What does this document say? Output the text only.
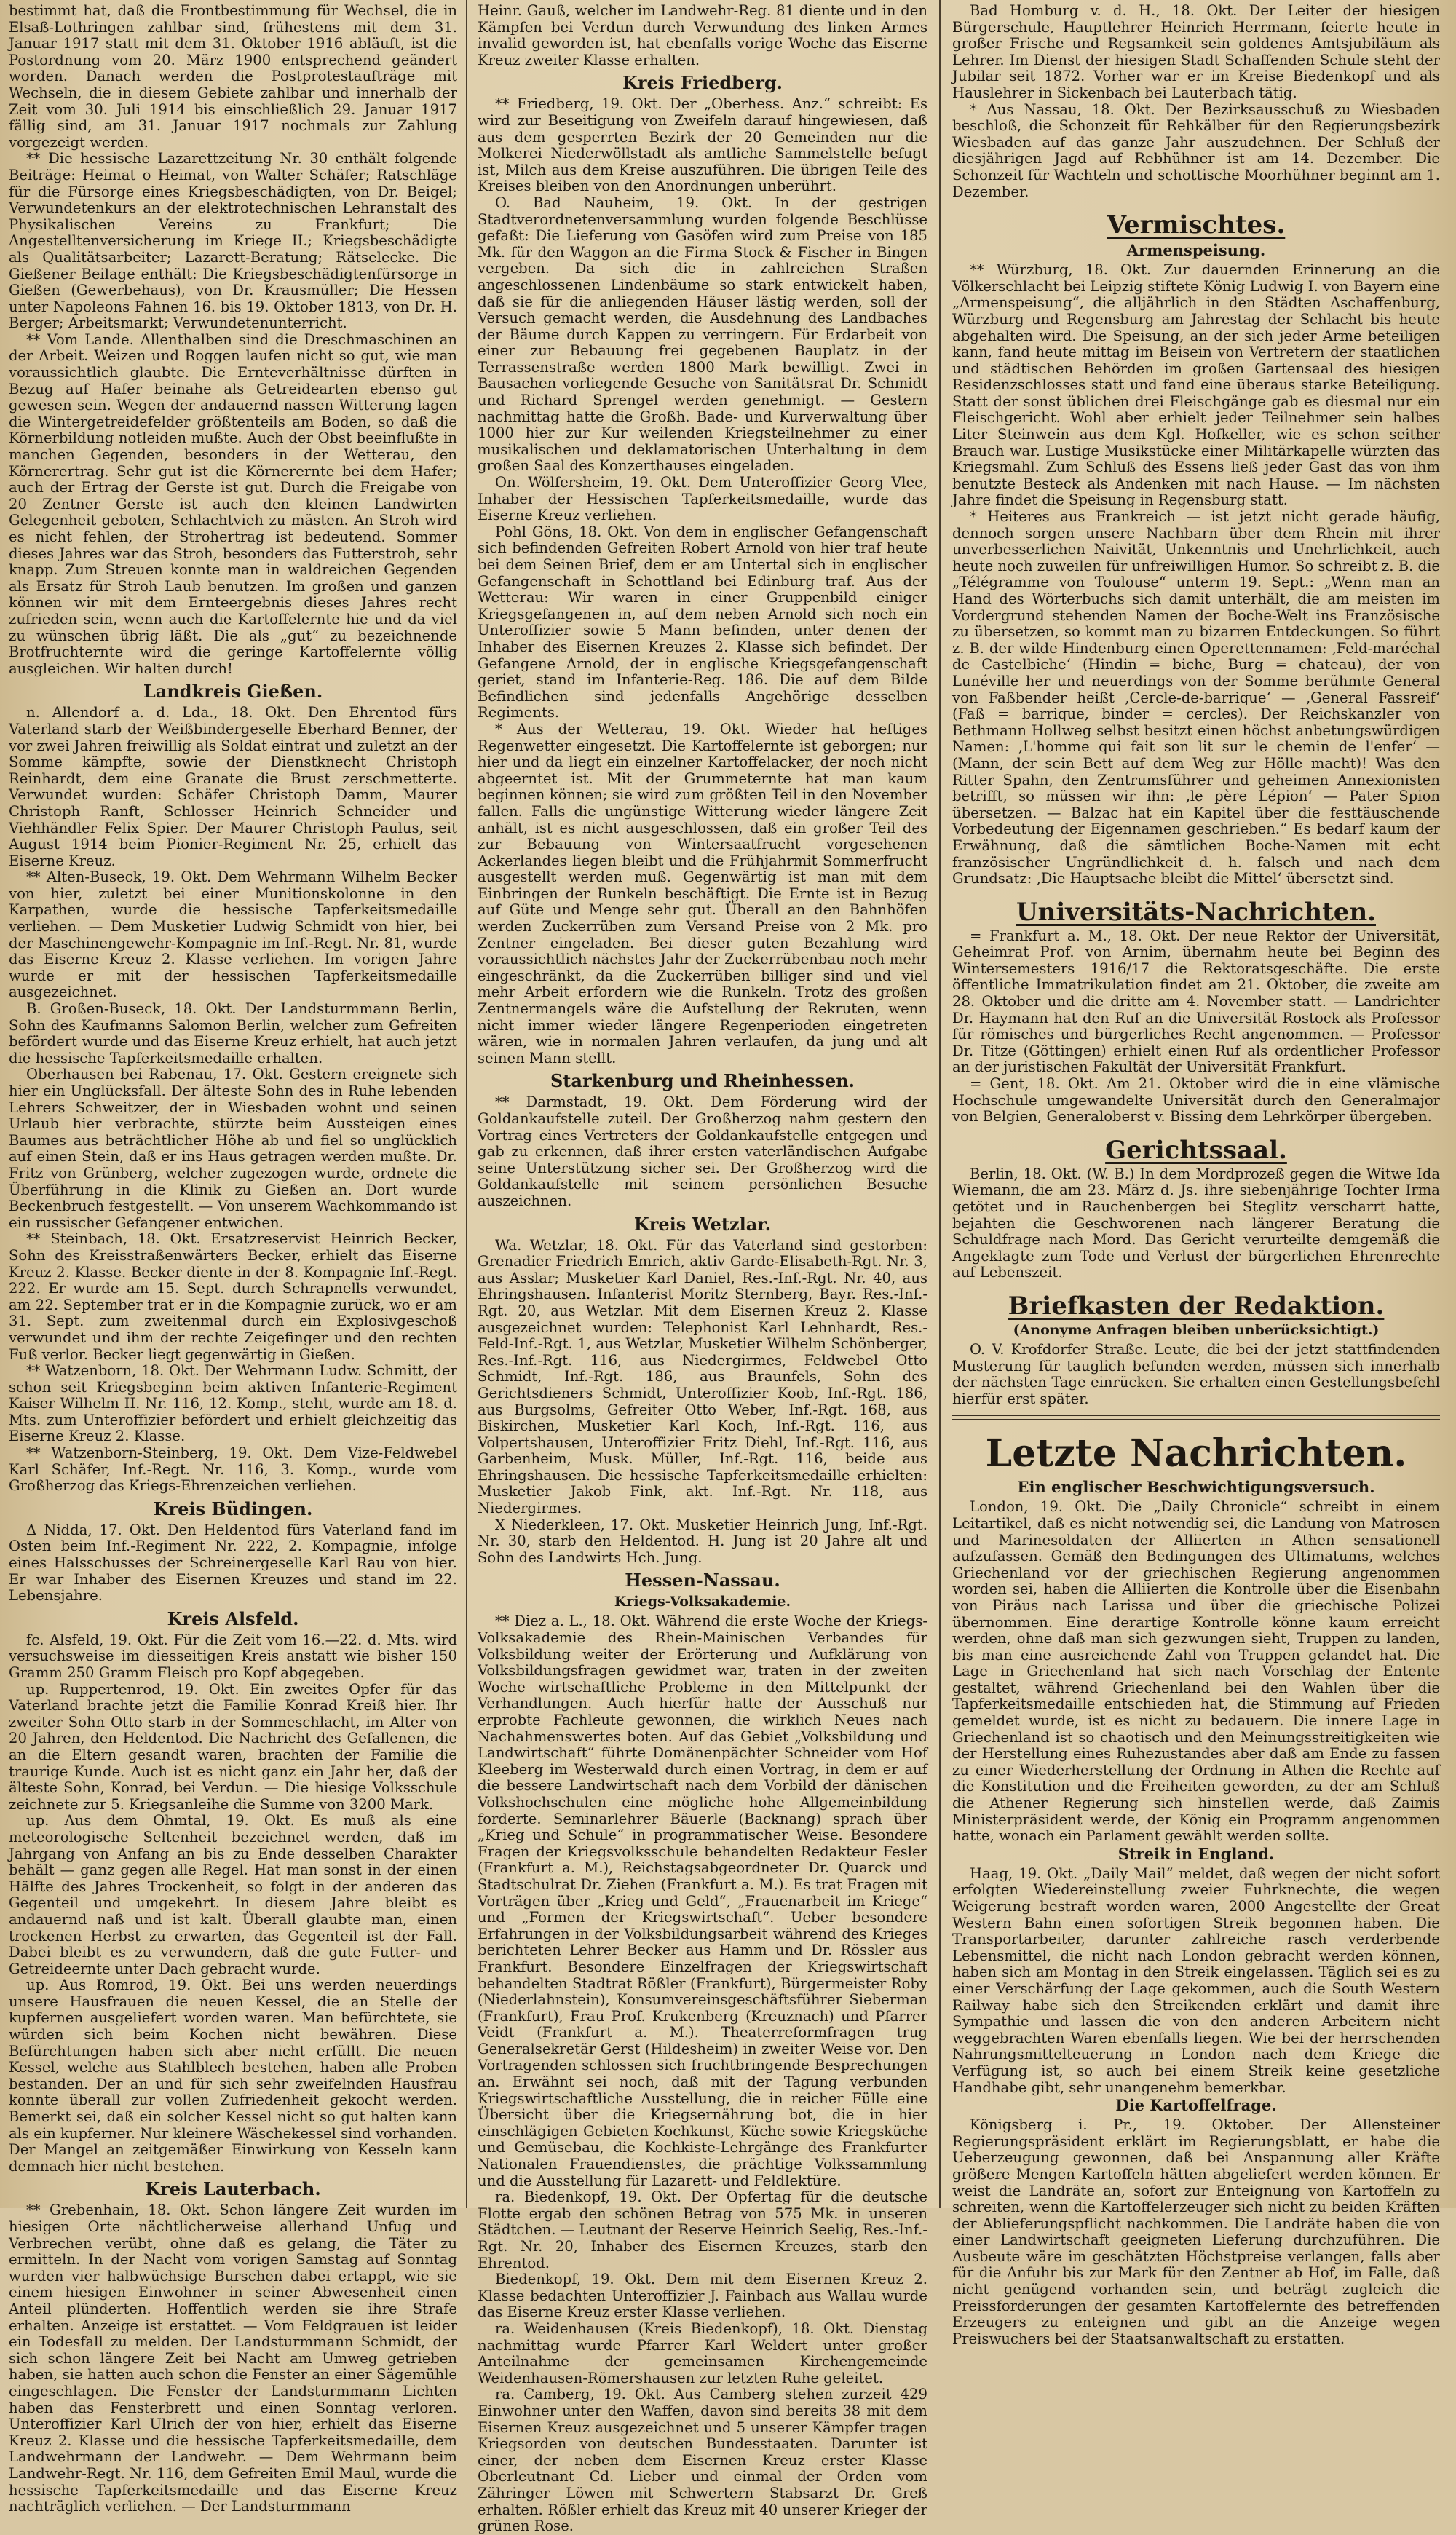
bestimmt hat, daß die Frontbestimmung für Wechsel, die in Elsaß-Lothringen zahlbar sind, frühestens mit dem 31. Januar 1917 statt mit dem 31. Oktober 1916 abläuft, ist die Postordnung vom 20. März 1900 entsprechend geändert worden. Danach werden die Postprotestaufträge mit Wechseln, die in diesem Gebiete zahlbar und innerhalb der Zeit vom 30. Juli 1914 bis einschließlich 29. Januar 1917 fällig sind, am 31. Januar 1917 nochmals zur Zahlung vorgezeigt werden.

** Die hessische Lazarettzeitung Nr. 30 enthält folgende Beiträge: Heimat o Heimat, von Walter Schäfer; Ratschläge für die Fürsorge eines Kriegsbeschädigten, von Dr. Beigel; Verwundetenkurs an der elektrotechnischen Lehranstalt des Physikalischen Vereins zu Frankfurt; Die Angestelltenversicherung im Kriege II.; Kriegsbeschädigte als Qualitätsarbeiter; Lazarett-Beratung; Rätselecke. Die Gießener Beilage enthält: Die Kriegsbeschädigtenfürsorge in Gießen (Gewerbehaus), von Dr. Krausmüller; Die Hessen unter Napoleons Fahnen 16. bis 19. Oktober 1813, von Dr. H. Berger; Arbeitsmarkt; Verwundetenunterricht.

** Vom Lande. Allenthalben sind die Dreschmaschinen an der Arbeit. Weizen und Roggen laufen nicht so gut, wie man voraussichtlich glaubte. Die Ernteverhältnisse dürften in Bezug auf Hafer beinahe als Getreidearten ebenso gut gewesen sein. Wegen der andauernd nassen Witterung lagen die Wintergetreidefelder größtenteils am Boden, so daß die Körnerbildung notleiden mußte. Auch der Obst beeinflußte in manchen Gegenden, besonders in der Wetterau, den Körnerertrag. Sehr gut ist die Körnerernte bei dem Hafer; auch der Ertrag der Gerste ist gut. Durch die Freigabe von 20 Zentner Gerste ist auch den kleinen Landwirten Gelegenheit geboten, Schlachtvieh zu mästen. An Stroh wird es nicht fehlen, der Strohertrag ist bedeutend. Sommer dieses Jahres war das Stroh, besonders das Futterstroh, sehr knapp. Zum Streuen konnte man in waldreichen Gegenden als Ersatz für Stroh Laub benutzen. Im großen und ganzen können wir mit dem Ernteergebnis dieses Jahres recht zufrieden sein, wenn auch die Kartoffelernte hie und da viel zu wünschen übrig läßt. Die als „gut“ zu bezeichnende Brotfruchternte wird die geringe Kartoffelernte völlig ausgleichen. Wir halten durch!

Landkreis Gießen.

n. Allendorf a. d. Lda., 18. Okt. Den Ehrentod fürs Vaterland starb der Weißbindergeselle Eberhard Benner, der vor zwei Jahren freiwillig als Soldat eintrat und zuletzt an der Somme kämpfte, sowie der Dienstknecht Christoph Reinhardt, dem eine Granate die Brust zerschmetterte. Verwundet wurden: Schäfer Christoph Damm, Maurer Christoph Ranft, Schlosser Heinrich Schneider und Viehhändler Felix Spier. Der Maurer Christoph Paulus, seit August 1914 beim Pionier-Regiment Nr. 25, erhielt das Eiserne Kreuz.

** Alten-Buseck, 19. Okt. Dem Wehrmann Wilhelm Becker von hier, zuletzt bei einer Munitionskolonne in den Karpathen, wurde die hessische Tapferkeitsmedaille verliehen. — Dem Musketier Ludwig Schmidt von hier, bei der Maschinengewehr-Kompagnie im Inf.-Regt. Nr. 81, wurde das Eiserne Kreuz 2. Klasse verliehen. Im vorigen Jahre wurde er mit der hessischen Tapferkeitsmedaille ausgezeichnet.

B. Großen-Buseck, 18. Okt. Der Landsturmmann Berlin, Sohn des Kaufmanns Salomon Berlin, welcher zum Gefreiten befördert wurde und das Eiserne Kreuz erhielt, hat auch jetzt die hessische Tapferkeitsmedaille erhalten.

Oberhausen bei Rabenau, 17. Okt. Gestern ereignete sich hier ein Unglücksfall. Der älteste Sohn des in Ruhe lebenden Lehrers Schweitzer, der in Wiesbaden wohnt und seinen Urlaub hier verbrachte, stürzte beim Aussteigen eines Baumes aus beträchtlicher Höhe ab und fiel so unglücklich auf einen Stein, daß er ins Haus getragen werden mußte. Dr. Fritz von Grünberg, welcher zugezogen wurde, ordnete die Überführung in die Klinik zu Gießen an. Dort wurde Beckenbruch festgestellt. — Von unserem Wachkommando ist ein russischer Gefangener entwichen.

** Steinbach, 18. Okt. Ersatzreservist Heinrich Becker, Sohn des Kreisstraßenwärters Becker, erhielt das Eiserne Kreuz 2. Klasse. Becker diente in der 8. Kompagnie Inf.-Regt. 222. Er wurde am 15. Sept. durch Schrapnells verwundet, am 22. September trat er in die Kompagnie zurück, wo er am 31. Sept. zum zweitenmal durch ein Explosivgeschoß verwundet und ihm der rechte Zeigefinger und den rechten Fuß verlor. Becker liegt gegenwärtig in Gießen.

** Watzenborn, 18. Okt. Der Wehrmann Ludw. Schmitt, der schon seit Kriegsbeginn beim aktiven Infanterie-Regiment Kaiser Wilhelm II. Nr. 116, 12. Komp., steht, wurde am 18. d. Mts. zum Unteroffizier befördert und erhielt gleichzeitig das Eiserne Kreuz 2. Klasse.

** Watzenborn-Steinberg, 19. Okt. Dem Vize-Feldwebel Karl Schäfer, Inf.-Regt. Nr. 116, 3. Komp., wurde vom Großherzog das Kriegs-Ehrenzeichen verliehen.

Kreis Büdingen.

Δ Nidda, 17. Okt. Den Heldentod fürs Vaterland fand im Osten beim Inf.-Regiment Nr. 222, 2. Kompagnie, infolge eines Halsschusses der Schreinergeselle Karl Rau von hier. Er war Inhaber des Eisernen Kreuzes und stand im 22. Lebensjahre.

Kreis Alsfeld.

fc. Alsfeld, 19. Okt. Für die Zeit vom 16.—22. d. Mts. wird versuchsweise im diesseitigen Kreis anstatt wie bisher 150 Gramm 250 Gramm Fleisch pro Kopf abgegeben.

up. Ruppertenrod, 19. Okt. Ein zweites Opfer für das Vaterland brachte jetzt die Familie Konrad Kreiß hier. Ihr zweiter Sohn Otto starb in der Sommeschlacht, im Alter von 20 Jahren, den Heldentod. Die Nachricht des Gefallenen, die an die Eltern gesandt waren, brachten der Familie die traurige Kunde. Auch ist es nicht ganz ein Jahr her, daß der älteste Sohn, Konrad, bei Verdun. — Die hiesige Volksschule zeichnete zur 5. Kriegsanleihe die Summe von 3200 Mark.

up. Aus dem Ohmtal, 19. Okt. Es muß als eine meteorologische Seltenheit bezeichnet werden, daß im Jahrgang von Anfang an bis zu Ende desselben Charakter behält — ganz gegen alle Regel. Hat man sonst in der einen Hälfte des Jahres Trockenheit, so folgt in der anderen das Gegenteil und umgekehrt. In diesem Jahre bleibt es andauernd naß und ist kalt. Überall glaubte man, einen trockenen Herbst zu erwarten, das Gegenteil ist der Fall. Dabei bleibt es zu verwundern, daß die gute Futter- und Getreideernte unter Dach gebracht wurde.

up. Aus Romrod, 19. Okt. Bei uns werden neuerdings unsere Hausfrauen die neuen Kessel, die an Stelle der kupfernen ausgeliefert worden waren. Man befürchtete, sie würden sich beim Kochen nicht bewähren. Diese Befürchtungen haben sich aber nicht erfüllt. Die neuen Kessel, welche aus Stahlblech bestehen, haben alle Proben bestanden. Der an und für sich sehr zweifelnden Hausfrau konnte überall zur vollen Zufriedenheit gekocht werden. Bemerkt sei, daß ein solcher Kessel nicht so gut halten kann als ein kupferner. Nur kleinere Wäschekessel sind vorhanden. Der Mangel an zeitgemäßer Einwirkung von Kesseln kann demnach hier nicht bestehen.

Kreis Lauterbach.

** Grebenhain, 18. Okt. Schon längere Zeit wurden im hiesigen Orte nächtlicherweise allerhand Unfug und Verbrechen verübt, ohne daß es gelang, die Täter zu ermitteln. In der Nacht vom vorigen Samstag auf Sonntag wurden vier halbwüchsige Burschen dabei ertappt, wie sie einem hiesigen Einwohner in seiner Abwesenheit einen Anteil plünderten. Hoffentlich werden sie ihre Strafe erhalten. Anzeige ist erstattet. — Vom Feldgrauen ist leider ein Todesfall zu melden. Der Landsturmmann Schmidt, der sich schon längere Zeit bei Nacht am Umweg getrieben haben, sie hatten auch schon die Fenster an einer Sägemühle eingeschlagen. Die Fenster der Landsturmmann Lichten haben das Fensterbrett und einen Sonntag verloren. Unteroffizier Karl Ulrich der von hier, erhielt das Eiserne Kreuz 2. Klasse und die hessische Tapferkeitsmedaille, dem Landwehrmann der Landwehr. — Dem Wehrmann beim Landwehr-Regt. Nr. 116, dem Gefreiten Emil Maul, wurde die hessische Tapferkeitsmedaille und das Eiserne Kreuz nachträglich verliehen. — Der Landsturmmann

Heinr. Gauß, welcher im Landwehr-Reg. 81 diente und in den Kämpfen bei Verdun durch Verwundung des linken Armes invalid geworden ist, hat ebenfalls vorige Woche das Eiserne Kreuz zweiter Klasse erhalten.

Kreis Friedberg.

** Friedberg, 19. Okt. Der „Oberhess. Anz.“ schreibt: Es wird zur Beseitigung von Zweifeln darauf hingewiesen, daß aus dem gesperrten Bezirk der 20 Gemeinden nur die Molkerei Niederwöllstadt als amtliche Sammelstelle befugt ist, Milch aus dem Kreise auszuführen. Die übrigen Teile des Kreises bleiben von den Anordnungen unberührt.

O. Bad Nauheim, 19. Okt. In der gestrigen Stadtverordnetenversammlung wurden folgende Beschlüsse gefaßt: Die Lieferung von Gasöfen wird zum Preise von 185 Mk. für den Waggon an die Firma Stock & Fischer in Bingen vergeben. Da sich die in zahlreichen Straßen angeschlossenen Lindenbäume so stark entwickelt haben, daß sie für die anliegenden Häuser lästig werden, soll der Versuch gemacht werden, die Ausdehnung des Landbaches der Bäume durch Kappen zu verringern. Für Erdarbeit von einer zur Bebauung frei gegebenen Bauplatz in der Terrassenstraße werden 1800 Mark bewilligt. Zwei in Bausachen vorliegende Gesuche von Sanitätsrat Dr. Schmidt und Richard Sprengel werden genehmigt. — Gestern nachmittag hatte die Großh. Bade- und Kurverwaltung über 1000 hier zur Kur weilenden Kriegsteilnehmer zu einer musikalischen und deklamatorischen Unterhaltung in dem großen Saal des Konzerthauses eingeladen.

On. Wölfersheim, 19. Okt. Dem Unteroffizier Georg Vlee, Inhaber der Hessischen Tapferkeitsmedaille, wurde das Eiserne Kreuz verliehen.

Pohl Göns, 18. Okt. Von dem in englischer Gefangenschaft sich befindenden Gefreiten Robert Arnold von hier traf heute bei dem Seinen Brief, dem er am Untertal sich in englischer Gefangenschaft in Schottland bei Edinburg traf. Aus der Wetterau: Wir waren in einer Gruppenbild einiger Kriegsgefangenen in, auf dem neben Arnold sich noch ein Unteroffizier sowie 5 Mann befinden, unter denen der Inhaber des Eisernen Kreuzes 2. Klasse sich befindet. Der Gefangene Arnold, der in englische Kriegsgefangenschaft geriet, stand im Infanterie-Reg. 186. Die auf dem Bilde Befindlichen sind jedenfalls Angehörige desselben Regiments.

* Aus der Wetterau, 19. Okt. Wieder hat heftiges Regenwetter eingesetzt. Die Kartoffelernte ist geborgen; nur hier und da liegt ein einzelner Kartoffelacker, der noch nicht abgeerntet ist. Mit der Grummeternte hat man kaum beginnen können; sie wird zum größten Teil in den November fallen. Falls die ungünstige Witterung wieder längere Zeit anhält, ist es nicht ausgeschlossen, daß ein großer Teil des zur Bebauung von Wintersaatfrucht vorgesehenen Ackerlandes liegen bleibt und die Frühjahrmit Sommerfrucht ausgestellt werden muß. Gegenwärtig ist man mit dem Einbringen der Runkeln beschäftigt. Die Ernte ist in Bezug auf Güte und Menge sehr gut. Überall an den Bahnhöfen werden Zuckerrüben zum Versand Preise von 2 Mk. pro Zentner eingeladen. Bei dieser guten Bezahlung wird voraussichtlich nächstes Jahr der Zuckerrübenbau noch mehr eingeschränkt, da die Zuckerrüben billiger sind und viel mehr Arbeit erfordern wie die Runkeln. Trotz des großen Zentnermangels wäre die Aufstellung der Rekruten, wenn nicht immer wieder längere Regenperioden eingetreten wären, wie in normalen Jahren verlaufen, da jung und alt seinen Mann stellt.

Starkenburg und Rheinhessen.

** Darmstadt, 19. Okt. Dem Förderung wird der Goldankaufstelle zuteil. Der Großherzog nahm gestern den Vortrag eines Vertreters der Goldankaufstelle entgegen und gab zu erkennen, daß ihrer ersten vaterländischen Aufgabe seine Unterstützung sicher sei. Der Großherzog wird die Goldankaufstelle mit seinem persönlichen Besuche auszeichnen.

Kreis Wetzlar.

Wa. Wetzlar, 18. Okt. Für das Vaterland sind gestorben: Grenadier Friedrich Emrich, aktiv Garde-Elisabeth-Rgt. Nr. 3, aus Asslar; Musketier Karl Daniel, Res.-Inf.-Rgt. Nr. 40, aus Ehringshausen. Infanterist Moritz Sternberg, Bayr. Res.-Inf.-Rgt. 20, aus Wetzlar. Mit dem Eisernen Kreuz 2. Klasse ausgezeichnet wurden: Telephonist Karl Lehnhardt, Res.-Feld-Inf.-Rgt. 1, aus Wetzlar, Musketier Wilhelm Schönberger, Res.-Inf.-Rgt. 116, aus Niedergirmes, Feldwebel Otto Schmidt, Inf.-Rgt. 186, aus Braunfels, Sohn des Gerichtsdieners Schmidt, Unteroffizier Koob, Inf.-Rgt. 186, aus Burgsolms, Gefreiter Otto Weber, Inf.-Rgt. 168, aus Biskirchen, Musketier Karl Koch, Inf.-Rgt. 116, aus Volpertshausen, Unteroffizier Fritz Diehl, Inf.-Rgt. 116, aus Garbenheim, Musk. Müller, Inf.-Rgt. 116, beide aus Ehringshausen. Die hessische Tapferkeitsmedaille erhielten: Musketier Jakob Fink, akt. Inf.-Rgt. Nr. 118, aus Niedergirmes.

X Niederkleen, 17. Okt. Musketier Heinrich Jung, Inf.-Rgt. Nr. 30, starb den Heldentod. H. Jung ist 20 Jahre alt und Sohn des Landwirts Hch. Jung.

Hessen-Nassau.
Kriegs-Volksakademie.

** Diez a. L., 18. Okt. Während die erste Woche der Kriegs-Volksakademie des Rhein-Mainischen Verbandes für Volksbildung weiter der Erörterung und Aufklärung von Volksbildungsfragen gewidmet war, traten in der zweiten Woche wirtschaftliche Probleme in den Mittelpunkt der Verhandlungen. Auch hierfür hatte der Ausschuß nur erprobte Fachleute gewonnen, die wirklich Neues nach Nachahmenswertes boten. Auf das Gebiet „Volksbildung und Landwirtschaft“ führte Domänenpächter Schneider vom Hof Kleeberg im Westerwald durch einen Vortrag, in dem er auf die bessere Landwirtschaft nach dem Vorbild der dänischen Volkshochschulen eine mögliche hohe Allgemeinbildung forderte. Seminarlehrer Bäuerle (Backnang) sprach über „Krieg und Schule“ in programmatischer Weise. Besondere Fragen der Kriegsvolksschule behandelten Redakteur Fesler (Frankfurt a. M.), Reichstagsabgeordneter Dr. Quarck und Stadtschulrat Dr. Ziehen (Frankfurt a. M.). Es trat Fragen mit Vorträgen über „Krieg und Geld“, „Frauenarbeit im Kriege“ und „Formen der Kriegswirtschaft“. Ueber besondere Erfahrungen in der Volksbildungsarbeit während des Krieges berichteten Lehrer Becker aus Hamm und Dr. Rössler aus Frankfurt. Besondere Einzelfragen der Kriegswirtschaft behandelten Stadtrat Rößler (Frankfurt), Bürgermeister Roby (Niederlahnstein), Konsumvereinsgeschäftsführer Sieberman (Frankfurt), Frau Prof. Krukenberg (Kreuznach) und Pfarrer Veidt (Frankfurt a. M.). Theaterreformfragen trug Generalsekretär Gerst (Hildesheim) in zweiter Weise vor. Den Vortragenden schlossen sich fruchtbringende Besprechungen an. Erwähnt sei noch, daß mit der Tagung verbunden Kriegswirtschaftliche Ausstellung, die in reicher Fülle eine Übersicht über die Kriegsernährung bot, die in hier einschlägigen Gebieten Kochkunst, Küche sowie Kriegsküche und Gemüsebau, die Kochkiste-Lehrgänge des Frankfurter Nationalen Frauendienstes, die prächtige Volkssammlung und die Ausstellung für Lazarett- und Feldlektüre.

ra. Biedenkopf, 19. Okt. Der Opfertag für die deutsche Flotte ergab den schönen Betrag von 575 Mk. in unseren Städtchen. — Leutnant der Reserve Heinrich Seelig, Res.-Inf.-Rgt. Nr. 20, Inhaber des Eisernen Kreuzes, starb den Ehrentod.

Biedenkopf, 19. Okt. Dem mit dem Eisernen Kreuz 2. Klasse bedachten Unteroffizier J. Fainbach aus Wallau wurde das Eiserne Kreuz erster Klasse verliehen.

ra. Weidenhausen (Kreis Biedenkopf), 18. Okt. Dienstag nachmittag wurde Pfarrer Karl Weldert unter großer Anteilnahme der gemeinsamen Kirchengemeinde Weidenhausen-Römershausen zur letzten Ruhe geleitet.

ra. Camberg, 19. Okt. Aus Camberg stehen zurzeit 429 Einwohner unter den Waffen, davon sind bereits 38 mit dem Eisernen Kreuz ausgezeichnet und 5 unserer Kämpfer tragen Kriegsorden von deutschen Bundesstaaten. Darunter ist einer, der neben dem Eisernen Kreuz erster Klasse Oberleutnant Cd. Lieber und einmal der Orden vom Zähringer Löwen mit Schwertern Stabsarzt Dr. Greß erhalten. Rößler erhielt das Kreuz mit 40 unserer Krieger der grünen Rose.

Bad Homburg v. d. H., 18. Okt. Der Leiter der hiesigen Bürgerschule, Hauptlehrer Heinrich Herrmann, feierte heute in großer Frische und Regsamkeit sein goldenes Amtsjubiläum als Lehrer. Im Dienst der hiesigen Stadt Schaffenden Schule steht der Jubilar seit 1872. Vorher war er im Kreise Biedenkopf und als Hauslehrer in Sickenbach bei Lauterbach tätig.

* Aus Nassau, 18. Okt. Der Bezirksausschuß zu Wiesbaden beschloß, die Schonzeit für Rehkälber für den Regierungsbezirk Wiesbaden auf das ganze Jahr auszudehnen. Der Schluß der diesjährigen Jagd auf Rebhühner ist am 14. Dezember. Die Schonzeit für Wachteln und schottische Moorhühner beginnt am 1. Dezember.

Vermischtes.
Armenspeisung.

** Würzburg, 18. Okt. Zur dauernden Erinnerung an die Völkerschlacht bei Leipzig stiftete König Ludwig I. von Bayern eine „Armenspeisung“, die alljährlich in den Städten Aschaffenburg, Würzburg und Regensburg am Jahrestag der Schlacht bis heute abgehalten wird. Die Speisung, an der sich jeder Arme beteiligen kann, fand heute mittag im Beisein von Vertretern der staatlichen und städtischen Behörden im großen Gartensaal des hiesigen Residenzschlosses statt und fand eine überaus starke Beteiligung. Statt der sonst üblichen drei Fleischgänge gab es diesmal nur ein Fleischgericht. Wohl aber erhielt jeder Teilnehmer sein halbes Liter Steinwein aus dem Kgl. Hofkeller, wie es schon seither Brauch war. Lustige Musikstücke einer Militärkapelle würzten das Kriegsmahl. Zum Schluß des Essens ließ jeder Gast das von ihm benutzte Besteck als Andenken mit nach Hause. — Im nächsten Jahre findet die Speisung in Regensburg statt.

* Heiteres aus Frankreich — ist jetzt nicht gerade häufig, dennoch sorgen unsere Nachbarn über dem Rhein mit ihrer unverbesserlichen Naivität, Unkenntnis und Unehrlichkeit, auch heute noch zuweilen für unfreiwilligen Humor. So schreibt z. B. die „Télégramme von Toulouse“ unterm 19. Sept.: „Wenn man an Hand des Wörterbuchs sich damit unterhält, die am meisten im Vordergrund stehenden Namen der Boche-Welt ins Französische zu übersetzen, so kommt man zu bizarren Entdeckungen. So führt z. B. der wilde Hindenburg einen Operettennamen: ‚Feld-maréchal de Castelbiche‘ (Hindin = biche, Burg = chateau), der von Lunéville her und neuerdings von der Somme berühmte General von Faßbender heißt ‚Cercle-de-barrique‘ — ‚General Fassreif‘ (Faß = barrique, binder = cercles). Der Reichskanzler von Bethmann Hollweg selbst besitzt einen höchst anbetungswürdigen Namen: ‚L'homme qui fait son lit sur le chemin de l'enfer‘ — (Mann, der sein Bett auf dem Weg zur Hölle macht)! Was den Ritter Spahn, den Zentrumsführer und geheimen Annexionisten betrifft, so müssen wir ihn: ‚le père Lépion‘ — Pater Spion übersetzen. — Balzac hat ein Kapitel über die festtäuschende Vorbedeutung der Eigennamen geschrieben.“ Es bedarf kaum der Erwähnung, daß die sämtlichen Boche-Namen mit echt französischer Ungründlichkeit d. h. falsch und nach dem Grundsatz: ‚Die Hauptsache bleibt die Mittel‘ übersetzt sind.

Universitäts-Nachrichten.

= Frankfurt a. M., 18. Okt. Der neue Rektor der Universität, Geheimrat Prof. von Arnim, übernahm heute bei Beginn des Wintersemesters 1916/17 die Rektoratsgeschäfte. Die erste öffentliche Immatrikulation findet am 21. Oktober, die zweite am 28. Oktober und die dritte am 4. November statt. — Landrichter Dr. Haymann hat den Ruf an die Universität Rostock als Professor für römisches und bürgerliches Recht angenommen. — Professor Dr. Titze (Göttingen) erhielt einen Ruf als ordentlicher Professor an der juristischen Fakultät der Universität Frankfurt.

= Gent, 18. Okt. Am 21. Oktober wird die in eine vlämische Hochschule umgewandelte Universität durch den Generalmajor von Belgien, Generaloberst v. Bissing dem Lehrkörper übergeben.

Gerichtssaal.

Berlin, 18. Okt. (W. B.) In dem Mordprozeß gegen die Witwe Ida Wiemann, die am 23. März d. Js. ihre siebenjährige Tochter Irma getötet und in Rauchenbergen bei Steglitz verscharrt hatte, bejahten die Geschworenen nach längerer Beratung die Schuldfrage nach Mord. Das Gericht verurteilte demgemäß die Angeklagte zum Tode und Verlust der bürgerlichen Ehrenrechte auf Lebenszeit.

Briefkasten der Redaktion.
(Anonyme Anfragen bleiben unberücksichtigt.)

O. V. Krofdorfer Straße. Leute, die bei der jetzt stattfindenden Musterung für tauglich befunden werden, müssen sich innerhalb der nächsten Tage einrücken. Sie erhalten einen Gestellungsbefehl hierfür erst später.

Letzte Nachrichten.
Ein englischer Beschwichtigungsversuch.

London, 19. Okt. Die „Daily Chronicle“ schreibt in einem Leitartikel, daß es nicht notwendig sei, die Landung von Matrosen und Marinesoldaten der Alliierten in Athen sensationell aufzufassen. Gemäß den Bedingungen des Ultimatums, welches Griechenland vor der griechischen Regierung angenommen worden sei, haben die Alliierten die Kontrolle über die Eisenbahn von Piräus nach Larissa und über die griechische Polizei übernommen. Eine derartige Kontrolle könne kaum erreicht werden, ohne daß man sich gezwungen sieht, Truppen zu landen, bis man eine ausreichende Zahl von Truppen gelandet hat. Die Lage in Griechenland hat sich nach Vorschlag der Entente gestaltet, während Griechenland bei den Wahlen über die Tapferkeitsmedaille entschieden hat, die Stimmung auf Frieden gemeldet wurde, ist es nicht zu bedauern. Die innere Lage in Griechenland ist so chaotisch und den Meinungsstreitigkeiten wie der Herstellung eines Ruhezustandes aber daß am Ende zu fassen zu einer Wiederherstellung der Ordnung in Athen die Rechte auf die Konstitution und die Freiheiten geworden, zu der am Schluß die Athener Regierung sich hinstellen werde, daß Zaimis Ministerpräsident werde, der König ein Programm angenommen hatte, wonach ein Parlament gewählt werden sollte.

Streik in England.

Haag, 19. Okt. „Daily Mail“ meldet, daß wegen der nicht sofort erfolgten Wiedereinstellung zweier Fuhrknechte, die wegen Weigerung bestraft worden waren, 2000 Angestellte der Great Western Bahn einen sofortigen Streik begonnen haben. Die Transportarbeiter, darunter zahlreiche rasch verderbende Lebensmittel, die nicht nach London gebracht werden können, haben sich am Montag in den Streik eingelassen. Täglich sei es zu einer Verschärfung der Lage gekommen, auch die South Western Railway habe sich den Streikenden erklärt und damit ihre Sympathie und lassen die von den anderen Arbeitern nicht weggebrachten Waren ebenfalls liegen. Wie bei der herrschenden Nahrungsmittelteuerung in London nach dem Kriege die Verfügung ist, so auch bei einem Streik keine gesetzliche Handhabe gibt, sehr unangenehm bemerkbar.

Die Kartoffelfrage.

Königsberg i. Pr., 19. Oktober. Der Allensteiner Regierungspräsident erklärt im Regierungsblatt, er habe die Ueberzeugung gewonnen, daß bei Anspannung aller Kräfte größere Mengen Kartoffeln hätten abgeliefert werden können. Er weist die Landräte an, sofort zur Enteignung von Kartoffeln zu schreiten, wenn die Kartoffelerzeuger sich nicht zu beiden Kräften der Ablieferungspflicht nachkommen. Die Landräte haben die von einer Landwirtschaft geeigneten Lieferung durchzuführen. Die Ausbeute wäre im geschätzten Höchstpreise verlangen, falls aber für die Anfuhr bis zur Mark für den Zentner ab Hof, im Falle, daß nicht genügend vorhanden sein, und beträgt zugleich die Preissforderungen der gesamten Kartoffelernte des betreffenden Erzeugers zu enteignen und gibt an die Anzeige wegen Preiswuchers bei der Staatsanwaltschaft zu erstatten.
